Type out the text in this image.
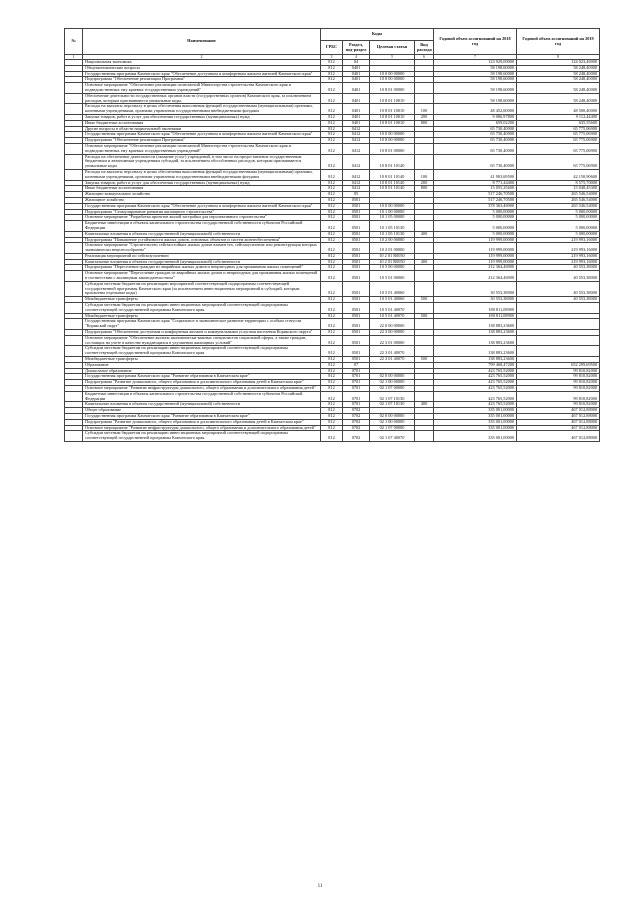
№	Наименование	Коды				Годовой объем ассигнований на 2018 год	Годовой объем ассигнований на 2019 год
		ГРБС	Раздел, под-раздел	Целевая статья	Вид расхода		
1	2	3	4	5	6	7	8
	Национальная экономика	812	04			123 929,00000	124 023,46900
	Общеэкономические вопросы	812	0401			58 198,60000	58 248,40000
	Государственная программа Камчатского края "Обеспечение доступным и комфортным жильем жителей Камчатского края"	812	0401	10 0 00 00000		58 198,60000	58 248,40000
	Подпрограмма "Обеспечение реализации Программы"	812	0401	10 8 00 00000		58 198,60000	58 248,40000
	Основное мероприятие "Обеспечение реализации полномочий Министерства строительства Камчатского края и подведомственных ему краевых государственных учреждений"	812	0401	10 8 01 00000		58 198,60000	58 248,40000
	Обеспечение деятельности государственных органов власти (государственных органов) Камчатского края, за исключением расходов, которым присваиваются уникальные коды.	812	0401	10 8 01 10010		58 198,60000	58 248,40000
	Расходы на выплаты персоналу в целях обеспечения выполнения функций государственными (муниципальными) органами, казенными учреждениями, органами управления государственными внебюджетными фондами	812	0401	10 8 01 10010	100	48 452,60000	48 500,40000
	Закупка товаров, работ и услуг для обеспечения государственных (муниципальных) нужд	812	0401	10 8 01 10010	200	9 086,97800	9 112,44400
	Иные бюджетные ассигнования	812	0401	10 8 01 10010	800	659,02200	635,55600
	Другие вопросы в области национальной экономики	812	0412			65 730,40000	65 775,06900
	Государственная программа Камчатского края "Обеспечение доступным и комфортным жильем жителей Камчатского края"	812	0412	10 0 00 00000		65 730,40000	65 775,06900
	Подпрограмма "Обеспечение реализации Программы"	812	0412	10 8 00 00000		65 730,40000	65 775,06900
	Основное мероприятие "Обеспечение реализации полномочий Министерства строительства Камчатского края и подведомственных ему краевых государственных учреждений"	812	0412	10 8 01 00000		65 730,40000	65 775,06900
	Расходы на обеспечение деятельности (оказание услуг) учреждений, в том числе на предоставление государственным бюджетным и автономным учреждениям субсидий, за исключением обособленных расходов, которым присваиваются уникальные коды	812	0412	10 8 01 10140		65 730,40000	65 775,06900
	Расходы на выплаты персоналу в целях обеспечения выполнения функций государственными (муниципальными) органами, казенными учреждениями, органами управления государственными внебюджетными фондами	812	0412	10 8 01 10140	100	41 903,69500	42 150,90600
	Закупка товаров, работ и услуг для обеспечения государственных (муниципальных) нужд	812	0412	10 8 01 10140	200	8 771,44400	8 575,70000
	Иные бюджетные ассигнования	812	0412	10 8 01 10140	800	15 055,25600	15 048,45300
	Жилищно-коммунальное хозяйство	812	05			517 246,70500	265 546,54000
	Жилищное хозяйство	812	0501			517 246,70500	265 546,54000
	Государственная программа Камчатского края "Обеспечение доступным и комфортным жильем жителей Камчатского края"	812	0501	10 0 00 00000		378 363,46900	265 546,54000
	Подпрограмма "Стимулирование развития жилищного строительства"	812	0501	10 1 00 00000		5 000,00000	5 000,00000
	Основное мероприятие "Разработка проектов жилой застройки для перспективного строительства"	812	0501	10 1 05 00000		5 000,00000	5 000,00000
	Бюджетные инвестиции в объекты капитального строительства государственной собственности субъектов Российской Федерации	812	0501	10 1 05 10130		5 000,00000	5 000,00000
	Капитальные вложения в объекты государственной (муниципальной) собственности	812	0501	10 1 05 10130	400	5 000,00000	5 000,00000
	Подпрограмма "Повышение устойчивости жилых домов, основных объектов и систем жизнеобеспечения"	812	0501	10 2 00 00000		119 999,00000	219 993,16000
	Основное мероприятие "Строительство сейсмостойких жилых домов взамен тех, сейсмоусиление или реконструкция которых экономически нецелесообразны"	812	0501	10 2 01 00000		119 999,00000	219 993,16000
	Реализация мероприятий по сейсмоусилению	812	0501	10 2 01 R0050		119 999,00000	219 993,16000
	Капитальные вложения в объекты государственной (муниципальной) собственности	812	0501	10 2 01 R0050	400	119 999,00000	219 993,16000
	Подпрограмма "Переселение граждан из аварийных жилых домов и непригодных для проживания жилых помещений"	812	0501	10 5 00 00000		212 364,46900	40 553,38000
	Основное мероприятие "Переселение граждан из аварийных жилых домов и непригодных для проживания жилых помещений в соответствии с жилищным законодательством"	812	0501	10 5 01 00000		212 364,46900	40 553,38000
	Субсидии местным бюджетам на реализацию мероприятий соответствующей подпрограммы соответствующей государственной программы Камчатского края (за исключением инвестиционных мероприятий и субсидий, которым присвоены отдельные коды)	812	0501	10 5 01 40060		30 553,38000	40 553,38000
	Межбюджетные трансферты	812	0501	10 5 01 40060	500	30 553,38000	40 553,38000
	Субсидии местным бюджетам на реализацию инвестиционных мероприятий соответствующей подпрограммы соответствующей государственной программы Камчатского края	812	0501	10 5 01 40070		180 811,08900	
	Межбюджетные трансферты	812	0501	10 5 01 40070	500	180 811,08900	
	Государственная программа Камчатского края "Социальное и экономическое развитие территории с особым статусом "Корякский округ"	812	0501	22 0 00 00000		138 883,23600	
	Подпрограмма "Обеспечение доступным и комфортным жильем и коммунальными услугами населения Корякского округа"	812	0501	22 3 00 00000		138 883,23600	
	Основное мероприятие "Обеспечение жильем экономически-важных специалистов социальной сферы, а также граждан, состоящих на учете в качестве нуждающихся в улучшении жилищных условий"	812	0501	22 3 01 00000		138 883,23600	
	Субсидии местным бюджетам на реализацию инвестиционных мероприятий соответствующей подпрограммы соответствующей государственной программы Камчатского края	812	0501	22 3 01 40070		138 883,23600	
	Межбюджетные трансферты	812	0501	22 3 01 40070	500	138 883,23600	
	Образование	812	07			799 468,47200	652 299,69500
	Дошкольное образование	812	0701			423 765,52000	99 810,82000
	Государственная программа Камчатского края "Развитие образования в Камчатском крае"	812	0701	02 0 00 00000		423 765,52000	99 810,82000
	Подпрограмма "Развитие дошкольного, общего образования и дополнительного образования детей в Камчатском крае"	812	0701	02 1 00 00000		423 765,52000	99 810,82000
	Основное мероприятие "Развитие инфраструктуры дошкольного, общего образования и дополнительного образования детей"	812	0701	02 1 07 00000		423 765,52000	99 810,82000
	Бюджетные инвестиции в объекты капитального строительства государственной собственности субъектов Российской Федерации	812	0701	02 1 07 10130		423 765,52000	99 810,82000
	Капитальные вложения в объекты государственной (муниципальной) собственности	812	0701	02 1 07 10130	400	423 765,52000	99 810,82000
	Общее образование	812	0702			335 001,00000	467 012,88000
	Государственная программа Камчатского края "Развитие образования в Камчатском крае"	812	0702	02 0 00 00000		335 001,00000	467 012,88000
	Подпрограмма "Развитие дошкольного, общего образования и дополнительного образования детей в Камчатском крае"	812	0702	02 1 00 00000		335 001,00000	467 012,88000
	Основное мероприятие "Развитие инфраструктуры дошкольного, общего образования и дополнительного образования детей"	812	0702	02 1 07 00000		335 001,00000	467 012,88000
	Субсидии местным бюджетам на реализацию инвестиционных мероприятий соответствующей подпрограммы соответствующей государственной программы Камчатского края	812	0702	02 1 07 40070		335 001,00000	467 012,88000
11
